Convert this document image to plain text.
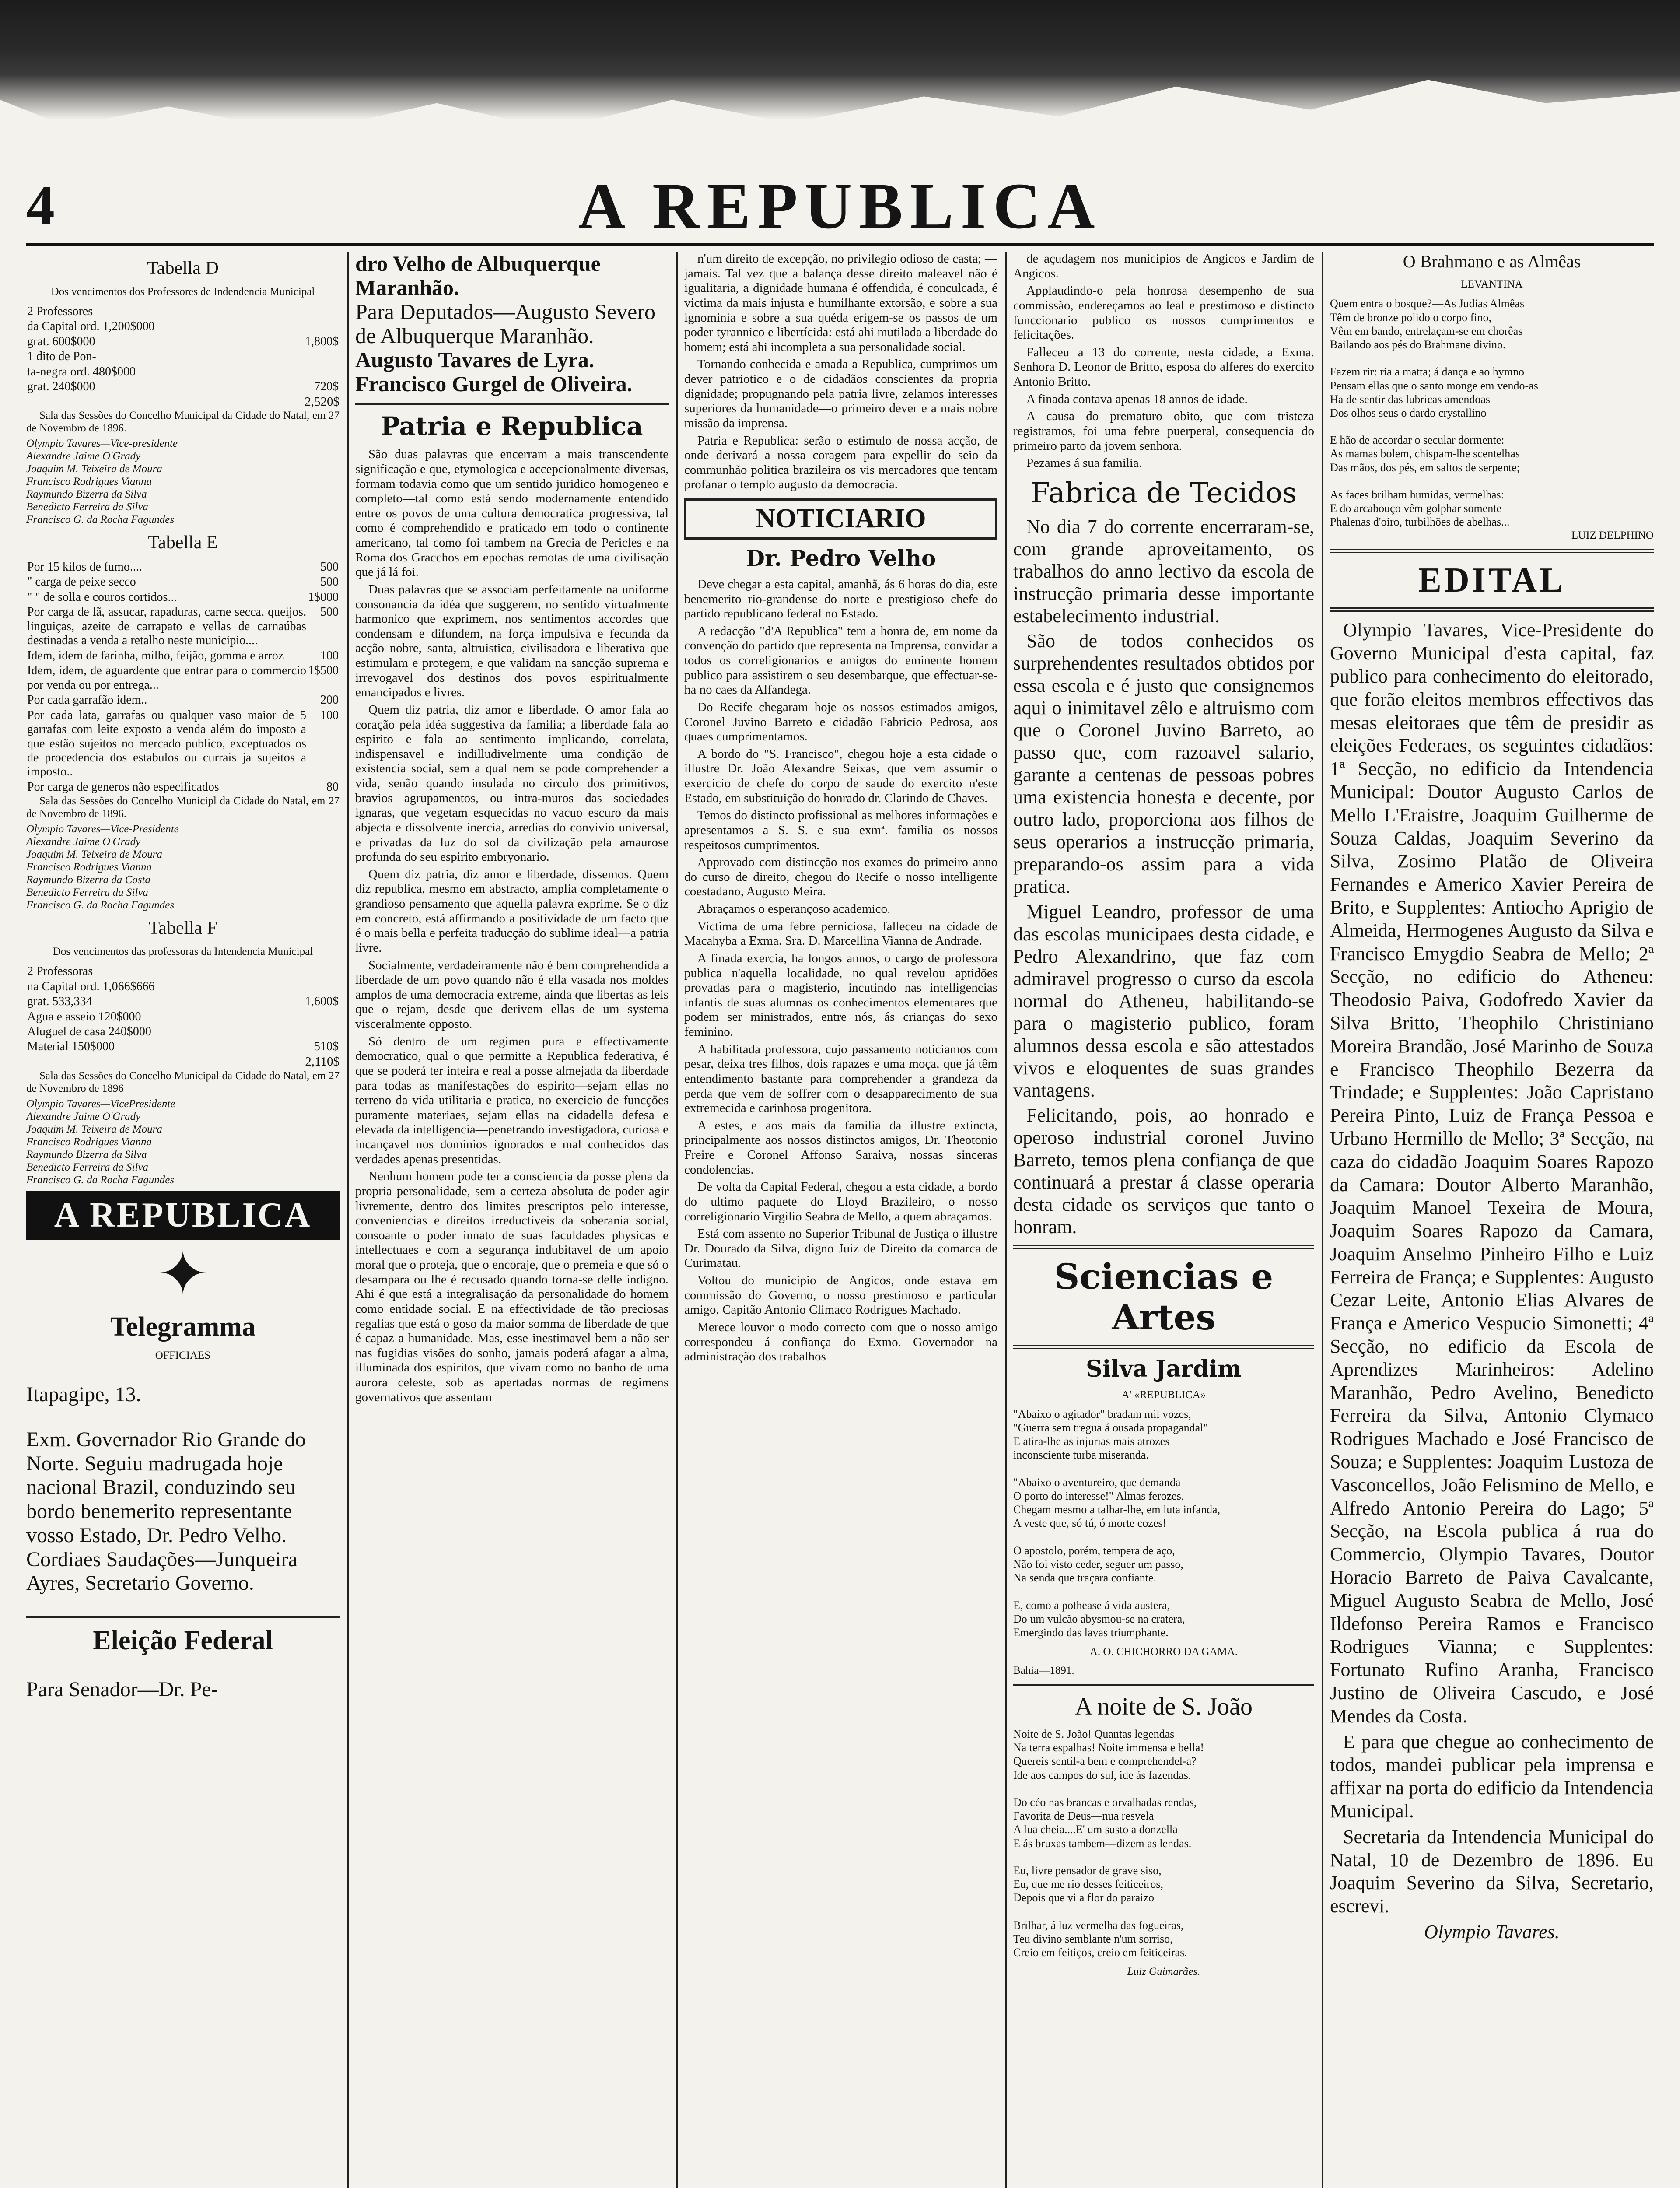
4	A REPUBLICA
Tabella D
Dos vencimentos dos Professores de Indendencia Municipal
2 Professores	
da Capital ord. 1,200$000	
grat. 600$000	1,800$
1 dito de Pon-	
ta-negra ord. 480$000	
grat. 240$000	720$
2,520$

Sala das Sessões do Concelho Municipal da Cidade do Natal, em 27 de Novembro de 1896.

Olympio Tavares—Vice-presidente

Alexandre Jaime O'Grady

Joaquim M. Teixeira de Moura

Francisco Rodrigues Vianna

Raymundo Bizerra da Silva

Benedicto Ferreira da Silva

Francisco G. da Rocha Fagundes

Tabella E
Por 15 kilos de fumo....	500
" carga de peixe secco	500
" " de solla e couros cortidos...	1$000
Por carga de lã, assucar, rapaduras, carne secca, queijos, linguiças, azeite de carrapato e vellas de carnaúbas destinadas a venda a retalho neste municipio....	500
Idem, idem de farinha, milho, feijão, gomma e arroz	100
Idem, idem, de aguardente que entrar para o commercio por venda ou por entrega...	1$500
Por cada garrafão idem..	200
Por cada lata, garrafas ou qualquer vaso maior de 5 garrafas com leite exposto a venda além do imposto a que estão sujeitos no mercado publico, exceptuados os de procedencia dos estabulos ou currais ja sujeitos a imposto..	100
Por carga de generos não especificados	80

Sala das Sessões do Concelho Municipl da Cidade do Natal, em 27 de Novembro de 1896.

Olympio Tavares—Vice-Presidente

Alexandre Jaime O'Grady

Joaquim M. Teixeira de Moura

Francisco Rodrigues Vianna

Raymundo Bizerra da Costa

Benedicto Ferreira da Silva

Francisco G. da Rocha Fagundes

Tabella F
Dos vencimentos das professoras da Intendencia Municipal
2 Professoras	
na Capital ord. 1,066$666	
grat. 533,334	1,600$
Agua e asseio 120$000	
Aluguel de casa 240$000	
Material 150$000	510$
2,110$

Sala das Sessões do Concelho Municipal da Cidade do Natal, em 27 de Novembro de 1896

Olympio Tavares—VicePresidente

Alexandre Jaime O'Grady

Joaquim M. Teixeira de Moura

Francisco Rodrigues Vianna

Raymundo Bizerra da Silva

Benedicto Ferreira da Silva

Francisco G. da Rocha Fagundes

A REPUBLICA
✦
Telegramma
OFFICIAES

Itapagipe, 13.

Exm. Governador Rio Grande do Norte. Seguiu madrugada hoje nacional Brazil, conduzindo seu bordo benemerito representante vosso Estado, Dr. Pedro Velho. Cordiaes Saudações—Junqueira Ayres, Secretario Governo.

Eleição Federal

Para Senador—Dr. Pe-

dro Velho de Albuquerque Maranhão.

Para Deputados—Augusto Severo de Albuquerque Maranhão.

Augusto Tavares de Lyra.

Francisco Gurgel de Oliveira.

Patria e Republica

São duas palavras que encerram a mais transcendente significação e que, etymologica e accepcionalmente diversas, formam todavia como que um sentido juridico homogeneo e completo—tal como está sendo modernamente entendido entre os povos de uma cultura democratica progressiva, tal como é comprehendido e praticado em todo o continente americano, tal como foi tambem na Grecia de Pericles e na Roma dos Gracchos em epochas remotas de uma civilisação que já lá foi.

Duas palavras que se associam perfeitamente na uniforme consonancia da idéa que suggerem, no sentido virtualmente harmonico que exprimem, nos sentimentos accordes que condensam e difundem, na força impulsiva e fecunda da acção nobre, santa, altruistica, civilisadora e liberativa que estimulam e protegem, e que validam na sancção suprema e irrevogavel dos destinos dos povos espiritualmente emancipados e livres.

Quem diz patria, diz amor e liberdade. O amor fala ao coração pela idéa suggestiva da familia; a liberdade fala ao espirito e fala ao sentimento implicando, correlata, indispensavel e indilludivelmente uma condição de existencia social, sem a qual nem se pode comprehender a vida, senão quando insulada no circulo dos primitivos, bravios agrupamentos, ou intra-muros das sociedades ignaras, que vegetam esquecidas no vacuo escuro da mais abjecta e dissolvente inercia, arredias do convivio universal, e privadas da luz do sol da civilização pela amaurose profunda do seu espirito embryonario.

Quem diz patria, diz amor e liberdade, dissemos. Quem diz republica, mesmo em abstracto, amplia completamente o grandioso pensamento que aquella palavra exprime. Se o diz em concreto, está affirmando a positividade de um facto que é o mais bella e perfeita traducção do sublime ideal—a patria livre.

Socialmente, verdadeiramente não é bem comprehendida a liberdade de um povo quando não é ella vasada nos moldes amplos de uma democracia extreme, ainda que libertas as leis que o rejam, desde que derivem ellas de um systema visceralmente opposto.

Só dentro de um regimen pura e effectivamente democratico, qual o que permitte a Republica federativa, é que se poderá ter inteira e real a posse almejada da liberdade para todas as manifestações do espirito—sejam ellas no terreno da vida utilitaria e pratica, no exercicio de funcções puramente materiaes, sejam ellas na cidadella defesa e elevada da intelligencia—penetrando investigadora, curiosa e incançavel nos dominios ignorados e mal conhecidos das verdades apenas presentidas.

Nenhum homem pode ter a consciencia da posse plena da propria personalidade, sem a certeza absoluta de poder agir livremente, dentro dos limites prescriptos pelo interesse, conveniencias e direitos irreductiveis da soberania social, consoante o poder innato de suas faculdades physicas e intellectuaes e com a segurança indubitavel de um apoio moral que o proteja, que o encoraje, que o premeia e que só o desampara ou lhe é recusado quando torna-se delle indigno. Ahi é que está a integralisação da personalidade do homem como entidade social. E na effectividade de tão preciosas regalias que está o goso da maior somma de liberdade de que é capaz a humanidade. Mas, esse inestimavel bem a não ser nas fugidias visões do sonho, jamais poderá afagar a alma, illuminada dos espiritos, que vivam como no banho de uma aurora celeste, sob as apertadas normas de regimens governativos que assentam

n'um direito de excepção, no privilegio odioso de casta; —jamais. Tal vez que a balança desse direito maleavel não é igualitaria, a dignidade humana é offendida, é conculcada, é victima da mais injusta e humilhante extorsão, e sobre a sua ignominia e sobre a sua quéda erigem-se os passos de um poder tyrannico e libertícida: está ahi mutilada a liberdade do homem; está ahi incompleta a sua personalidade social.

Tornando conhecida e amada a Republica, cumprimos um dever patriotico e o de cidadãos conscientes da propria dignidade; propugnando pela patria livre, zelamos interesses superiores da humanidade—o primeiro dever e a mais nobre missão da imprensa.

Patria e Republica: serão o estimulo de nossa acção, de onde derivará a nossa coragem para expellir do seio da communhão politica brazileira os vis mercadores que tentam profanar o templo augusto da democracia.

NOTICIARIO
Dr. Pedro Velho

Deve chegar a esta capital, amanhã, ás 6 horas do dia, este benemerito rio-grandense do norte e prestigioso chefe do partido republicano federal no Estado.

A redacção "d'A Republica" tem a honra de, em nome da convenção do partido que representa na Imprensa, convidar a todos os correligionarios e amigos do eminente homem publico para assistirem o seu desembarque, que effectuar-se-ha no caes da Alfandega.

Do Recife chegaram hoje os nossos estimados amigos, Coronel Juvino Barreto e cidadão Fabricio Pedrosa, aos quaes cumprimentamos.

A bordo do "S. Francisco", chegou hoje a esta cidade o illustre Dr. João Alexandre Seixas, que vem assumir o exercicio de chefe do corpo de saude do exercito n'este Estado, em substituição do honrado dr. Clarindo de Chaves.

Temos do distincto profissional as melhores informações e apresentamos a S. S. e sua exmª. familia os nossos respeitosos cumprimentos.

Approvado com distincção nos exames do primeiro anno do curso de direito, chegou do Recife o nosso intelligente coestadano, Augusto Meira.

Abraçamos o esperançoso academico.

Victima de uma febre perniciosa, falleceu na cidade de Macahyba a Exma. Sra. D. Marcellina Vianna de Andrade.

A finada exercia, ha longos annos, o cargo de professora publica n'aquella localidade, no qual revelou aptidões provadas para o magisterio, incutindo nas intelligencias infantis de suas alumnas os conhecimentos elementares que podem ser ministrados, entre nós, ás crianças do sexo feminino.

A habilitada professora, cujo passamento noticiamos com pesar, deixa tres filhos, dois rapazes e uma moça, que já têm entendimento bastante para comprehender a grandeza da perda que vem de soffrer com o desapparecimento de sua extremecida e carinhosa progenitora.

A estes, e aos mais da familia da illustre extincta, principalmente aos nossos distinctos amigos, Dr. Theotonio Freire e Coronel Affonso Saraiva, nossas sinceras condolencias.

De volta da Capital Federal, chegou a esta cidade, a bordo do ultimo paquete do Lloyd Brazileiro, o nosso correligionario Virgilio Seabra de Mello, a quem abraçamos.

Está com assento no Superior Tribunal de Justiça o illustre Dr. Dourado da Silva, digno Juiz de Direito da comarca de Curimatau.

Voltou do municipio de Angicos, onde estava em commissão do Governo, o nosso prestimoso e particular amigo, Capitão Antonio Climaco Rodrigues Machado.

Merece louvor o modo correcto com que o nosso amigo correspondeu á confiança do Exmo. Governador na administração dos trabalhos

de açudagem nos municipios de Angicos e Jardim de Angicos.

Applaudindo-o pela honrosa desempenho de sua commissão, endereçamos ao leal e prestimoso e distincto funccionario publico os nossos cumprimentos e felicitações.

Falleceu a 13 do corrente, nesta cidade, a Exma. Senhora D. Leonor de Britto, esposa do alferes do exercito Antonio Britto.

A finada contava apenas 18 annos de idade.

A causa do prematuro obito, que com tristeza registramos, foi uma febre puerperal, consequencia do primeiro parto da jovem senhora.

Pezames á sua familia.

Fabrica de Tecidos

No dia 7 do corrente encerraram-se, com grande aproveitamento, os trabalhos do anno lectivo da escola de instrucção primaria desse importante estabelecimento industrial.

São de todos conhecidos os surprehendentes resultados obtidos por essa escola e é justo que consignemos aqui o inimitavel zêlo e altruismo com que o Coronel Juvino Barreto, ao passo que, com razoavel salario, garante a centenas de pessoas pobres uma existencia honesta e decente, por outro lado, proporciona aos filhos de seus operarios a instrucção primaria, preparando-os assim para a vida pratica.

Miguel Leandro, professor de uma das escolas municipaes desta cidade, e Pedro Alexandrino, que faz com admiravel progresso o curso da escola normal do Atheneu, habilitando-se para o magisterio publico, foram alumnos dessa escola e são attestados vivos e eloquentes de suas grandes vantagens.

Felicitando, pois, ao honrado e operoso industrial coronel Juvino Barreto, temos plena confiança de que continuará a prestar á classe operaria desta cidade os serviços que tanto o honram.

Sciencias e Artes
Silva Jardim
A' «REPUBLICA»
"Abaixo o agitador" bradam mil vozes,
"Guerra sem tregua á ousada propagandal"
E atira-lhe as injurias mais atrozes
inconsciente turba miseranda.

"Abaixo o aventureiro, que demanda
O porto do interesse!" Almas ferozes,
Chegam mesmo a talhar-lhe, em luta infanda,
A veste que, só tú, ó morte cozes!

O apostolo, porém, tempera de aço,
Não foi visto ceder, seguer um passo,
Na senda que traçara confiante.

E, como a pothease á vida austera,
Do um vulcão abysmou-se na cratera,
Emergindo das lavas triumphante.
A. O. CHICHORRO DA GAMA.
Bahia—1891.
A noite de S. João
Noite de S. João! Quantas legendas
Na terra espalhas! Noite immensa e bella!
Quereis sentil-a bem e comprehendel-a?
Ide aos campos do sul, ide ás fazendas.

Do céo nas brancas e orvalhadas rendas,
Favorita de Deus—nua resvela
A lua cheia....E' um susto a donzella
E ás bruxas tambem—dizem as lendas.

Eu, livre pensador de grave siso,
Eu, que me rio desses feiticeiros,
Depois que vi a flor do paraizo

Brilhar, á luz vermelha das fogueiras,
Teu divino semblante n'um sorriso,
Creio em feitiços, creio em feiticeiras.
Luiz Guimarães.
O Brahmano e as Almêas
LEVANTINA
Quem entra o bosque?—As Judias Almêas
Têm de bronze polido o corpo fino,
Vêm em bando, entrelaçam-se em chorêas
Bailando aos pés do Brahmane divino.

Fazem rir: ria a matta; á dança e ao hymno
Pensam ellas que o santo monge em vendo-as
Ha de sentir das lubricas amendoas
Dos olhos seus o dardo crystallino

E hão de accordar o secular dormente:
As mamas bolem, chispam-lhe scentelhas
Das mãos, dos pés, em saltos de serpente;

As faces brilham humidas, vermelhas:
E do arcabouço vêm golphar somente
Phalenas d'oiro, turbilhões de abelhas...
LUIZ DELPHINO
EDITAL

Olympio Tavares, Vice-Presidente do Governo Municipal d'esta capital, faz publico para conhecimento do eleitorado, que forão eleitos membros effectivos das mesas eleitoraes que têm de presidir as eleições Federaes, os seguintes cidadãos: 1ª Secção, no edificio da Intendencia Municipal: Doutor Augusto Carlos de Mello L'Eraistre, Joaquim Guilherme de Souza Caldas, Joaquim Severino da Silva, Zosimo Platão de Oliveira Fernandes e Americo Xavier Pereira de Brito, e Supplentes: Antiocho Aprigio de Almeida, Hermogenes Augusto da Silva e Francisco Emygdio Seabra de Mello; 2ª Secção, no edificio do Atheneu: Theodosio Paiva, Godofredo Xavier da Silva Britto, Theophilo Christiniano Moreira Brandão, José Marinho de Souza e Francisco Theophilo Bezerra da Trindade; e Supplentes: João Capristano Pereira Pinto, Luiz de França Pessoa e Urbano Hermillo de Mello; 3ª Secção, na caza do cidadão Joaquim Soares Rapozo da Camara: Doutor Alberto Maranhão, Joaquim Manoel Texeira de Moura, Joaquim Soares Rapozo da Camara, Joaquim Anselmo Pinheiro Filho e Luiz Ferreira de França; e Supplentes: Augusto Cezar Leite, Antonio Elias Alvares de França e Americo Vespucio Simonetti; 4ª Secção, no edificio da Escola de Aprendizes Marinheiros: Adelino Maranhão, Pedro Avelino, Benedicto Ferreira da Silva, Antonio Clymaco Rodrigues Machado e José Francisco de Souza; e Supplentes: Joaquim Lustoza de Vasconcellos, João Felismino de Mello, e Alfredo Antonio Pereira do Lago; 5ª Secção, na Escola publica á rua do Commercio, Olympio Tavares, Doutor Horacio Barreto de Paiva Cavalcante, Miguel Augusto Seabra de Mello, José Ildefonso Pereira Ramos e Francisco Rodrigues Vianna; e Supplentes: Fortunato Rufino Aranha, Francisco Justino de Oliveira Cascudo, e José Mendes da Costa.

E para que chegue ao conhecimento de todos, mandei publicar pela imprensa e affixar na porta do edificio da Intendencia Municipal.

Secretaria da Intendencia Municipal do Natal, 10 de Dezembro de 1896. Eu Joaquim Severino da Silva, Secretario, escrevi.

Olympio Tavares.
